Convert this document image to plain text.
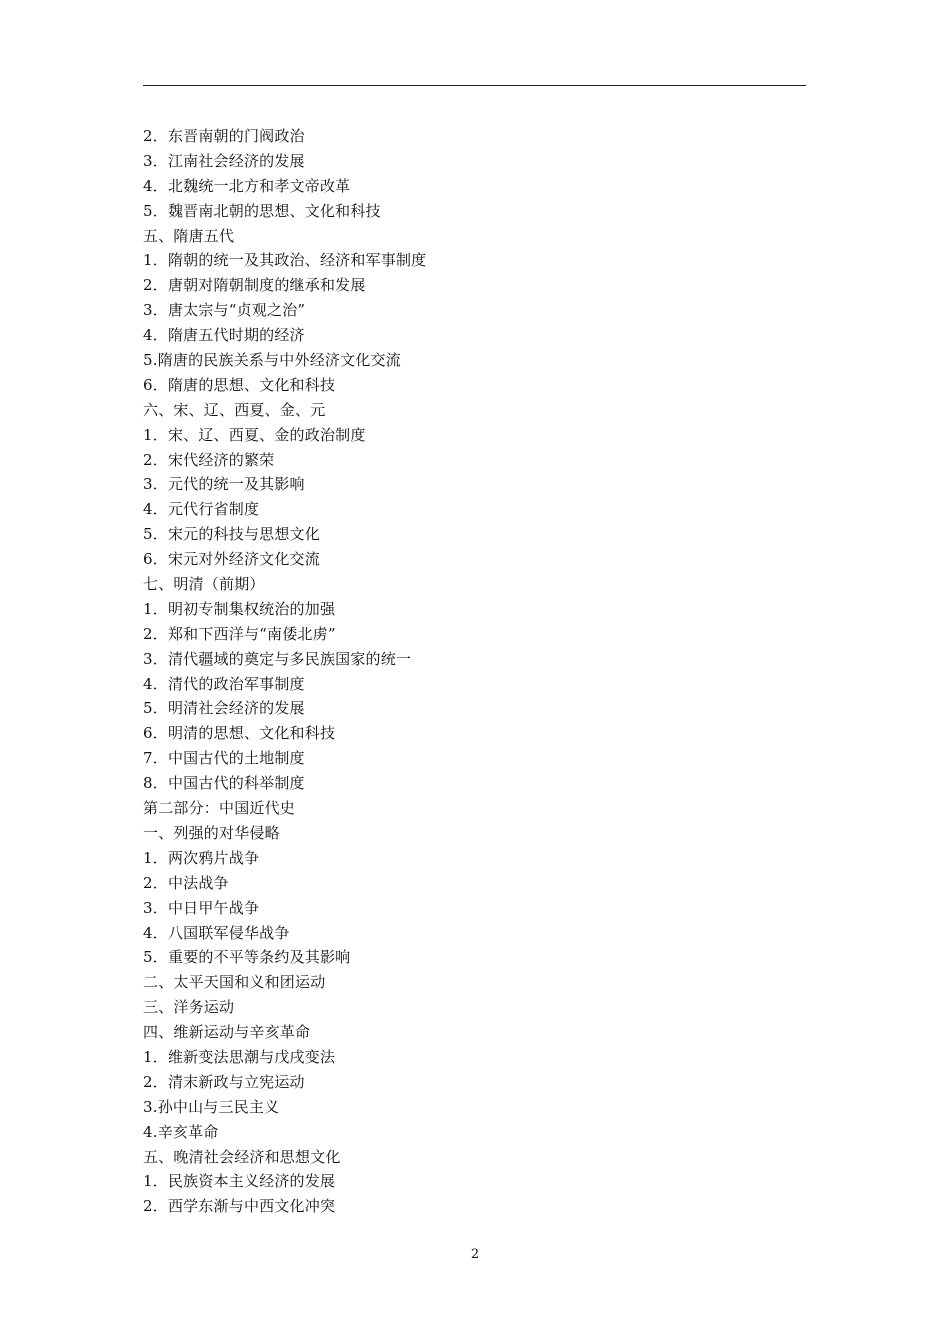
2．东晋南朝的门阀政治
3．江南社会经济的发展
4．北魏统一北方和孝文帝改革
5．魏晋南北朝的思想、文化和科技
五、隋唐五代
1．隋朝的统一及其政治、经济和军事制度
2．唐朝对隋朝制度的继承和发展
3．唐太宗与“贞观之治”
4．隋唐五代时期的经济
5.隋唐的民族关系与中外经济文化交流
6．隋唐的思想、文化和科技
六、宋、辽、西夏、金、元
1．宋、辽、西夏、金的政治制度
2．宋代经济的繁荣
3．元代的统一及其影响
4．元代行省制度
5．宋元的科技与思想文化
6．宋元对外经济文化交流
七、明清（前期）
1．明初专制集权统治的加强
2．郑和下西洋与“南倭北虏”
3．清代疆域的奠定与多民族国家的统一
4．清代的政治军事制度
5．明清社会经济的发展
6．明清的思想、文化和科技
7．中国古代的土地制度
8．中国古代的科举制度
第二部分：中国近代史
一、列强的对华侵略
1．两次鸦片战争
2．中法战争
3．中日甲午战争
4．八国联军侵华战争
5．重要的不平等条约及其影响
二、太平天国和义和团运动
三、洋务运动
四、维新运动与辛亥革命
1．维新变法思潮与戊戌变法
2．清末新政与立宪运动
3.孙中山与三民主义
4.辛亥革命
五、晚清社会经济和思想文化
1．民族资本主义经济的发展
2．西学东渐与中西文化冲突
2
